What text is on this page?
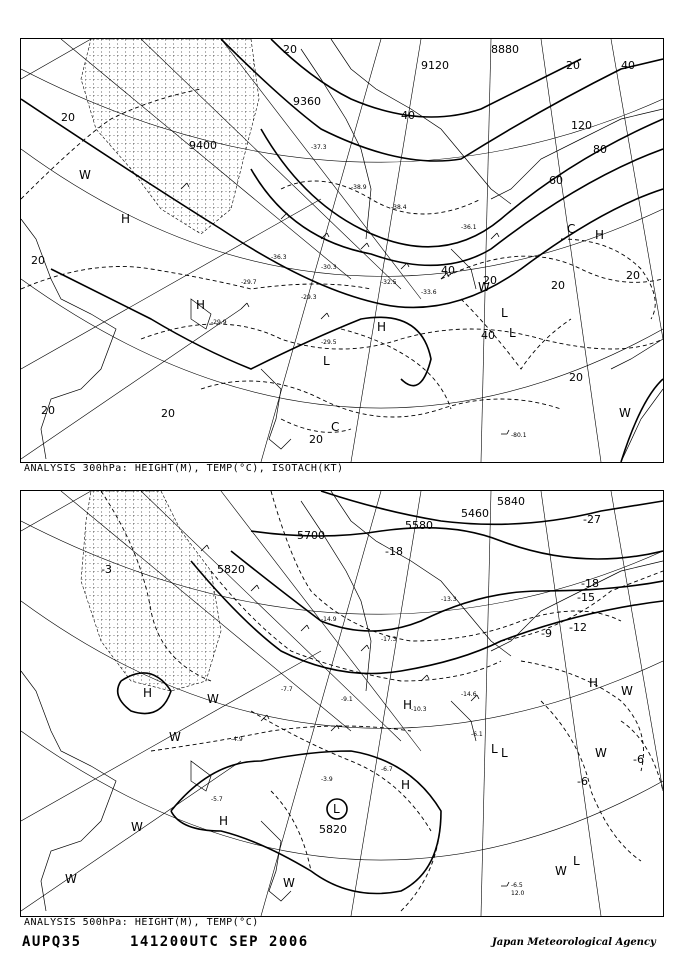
-37.3
-38.9
-38.4
-36.3
-30.3
-32.5
-29.7
-29.3
-29.9
-29.5
-36.1
-33.6
9120
8880
9360
9400
20
40
60
80
120
40
20
20
20	20
20
20
40
20
20
40	20
20
H
H
W
H
L
L
C
C
W
W
H
L
-80.1
ANALYSIS 300hPa: HEIGHT(M), TEMP(°C), ISOTACH(KT)
-14.9
-17.3
-13.3
-7.7
-9.1
-10.3
-14.6
-4.9
-3.9
-6.7
-5.7
-6.1
5840
5460
5580
5700
5820
5820
-27
-18
-18
-15
-12
-9
-6
-6
-3
H
H
W
W
H
L
W
L
L
W
H
W
W
H
W
L
W
-6.5
12.0
ANALYSIS 500hPa: HEIGHT(M), TEMP(°C)
AUPQ35	141200UTC SEP 2006	Japan Meteorological Agency
